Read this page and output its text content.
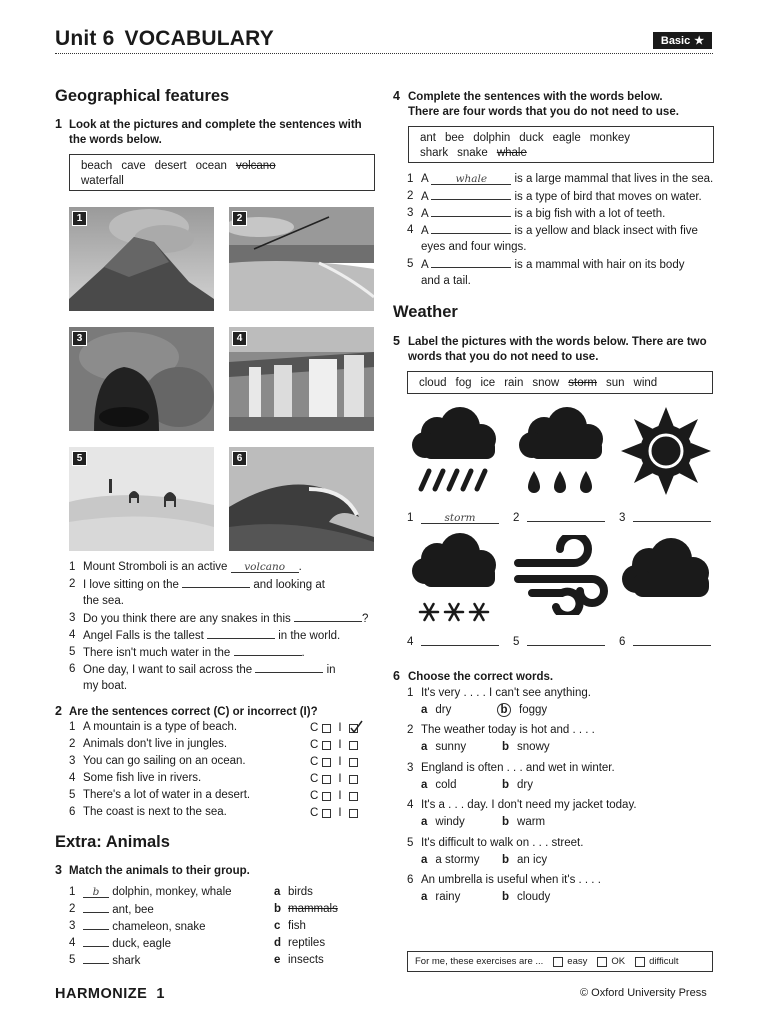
Unit 6 VOCABULARY	Basic ★
Geographical features
1 Look at the pictures and complete the sentences with
the words below.
beach cave desert ocean volcano
waterfall
1	2
3	4
5	6
1 Mount Stromboli is an active volcano .
2 I love sitting on the	and looking at
the sea.
3 Do you think there are any snakes in this	?
4 Angel Falls is the tallest	in the world.
5 There isn't much water in the	.
6 One day, I want to sail across the	in
my boat.
2 Are the sentences correct (C) or incorrect (I)?
1 A mountain is a type of beach.	C I
2 Animals don't live in jungles.	C I
3 You can go sailing on an ocean.	C I
4 Some fish live in rivers.	C I
5 There's a lot of water in a desert.	C I
6 The coast is next to the sea.	C I
Extra: Animals
3 Match the animals to their group.
1	b dolphin, monkey, whale
2	ant, bee
3	chameleon, snake
4	duck, eagle
5	shark
a birds
b mammals
c fish
d reptiles
e insects
4 Complete the sentences with the words below.
There are four words that you do not need to use.
ant bee dolphin duck eagle monkey
shark snake whale
1 A	whale is a large mammal that lives in the sea.
2 A	is a type of bird that moves on water.
3 A	is a big fish with a lot of teeth.
4 A	is a yellow and black insect with five
eyes and four wings.
5 A	is a mammal with hair on its body
and a tail.
Weather
5 Label the pictures with the words below. There are two
words that you do not need to use.
cloud fog ice rain snow storm sun wind
1	storm	2	3
4	5	6
6 Choose the correct words.
1 It's very . . . . I can't see anything.
a dry	b foggy
2 The weather today is hot and . . . .
a sunny	b snowy
3 England is often . . . and wet in winter.
a cold	b dry
4 It's a . . . day. I don't need my jacket today.
a windy	b warm
5 It's difficult to walk on . . . street.
a a stormy b an icy
6 An umbrella is useful when it's . . . .
a rainy	b cloudy
For me, these exercises are ...	easy	OK	difficult
HARMONIZE 1	© Oxford University Press
